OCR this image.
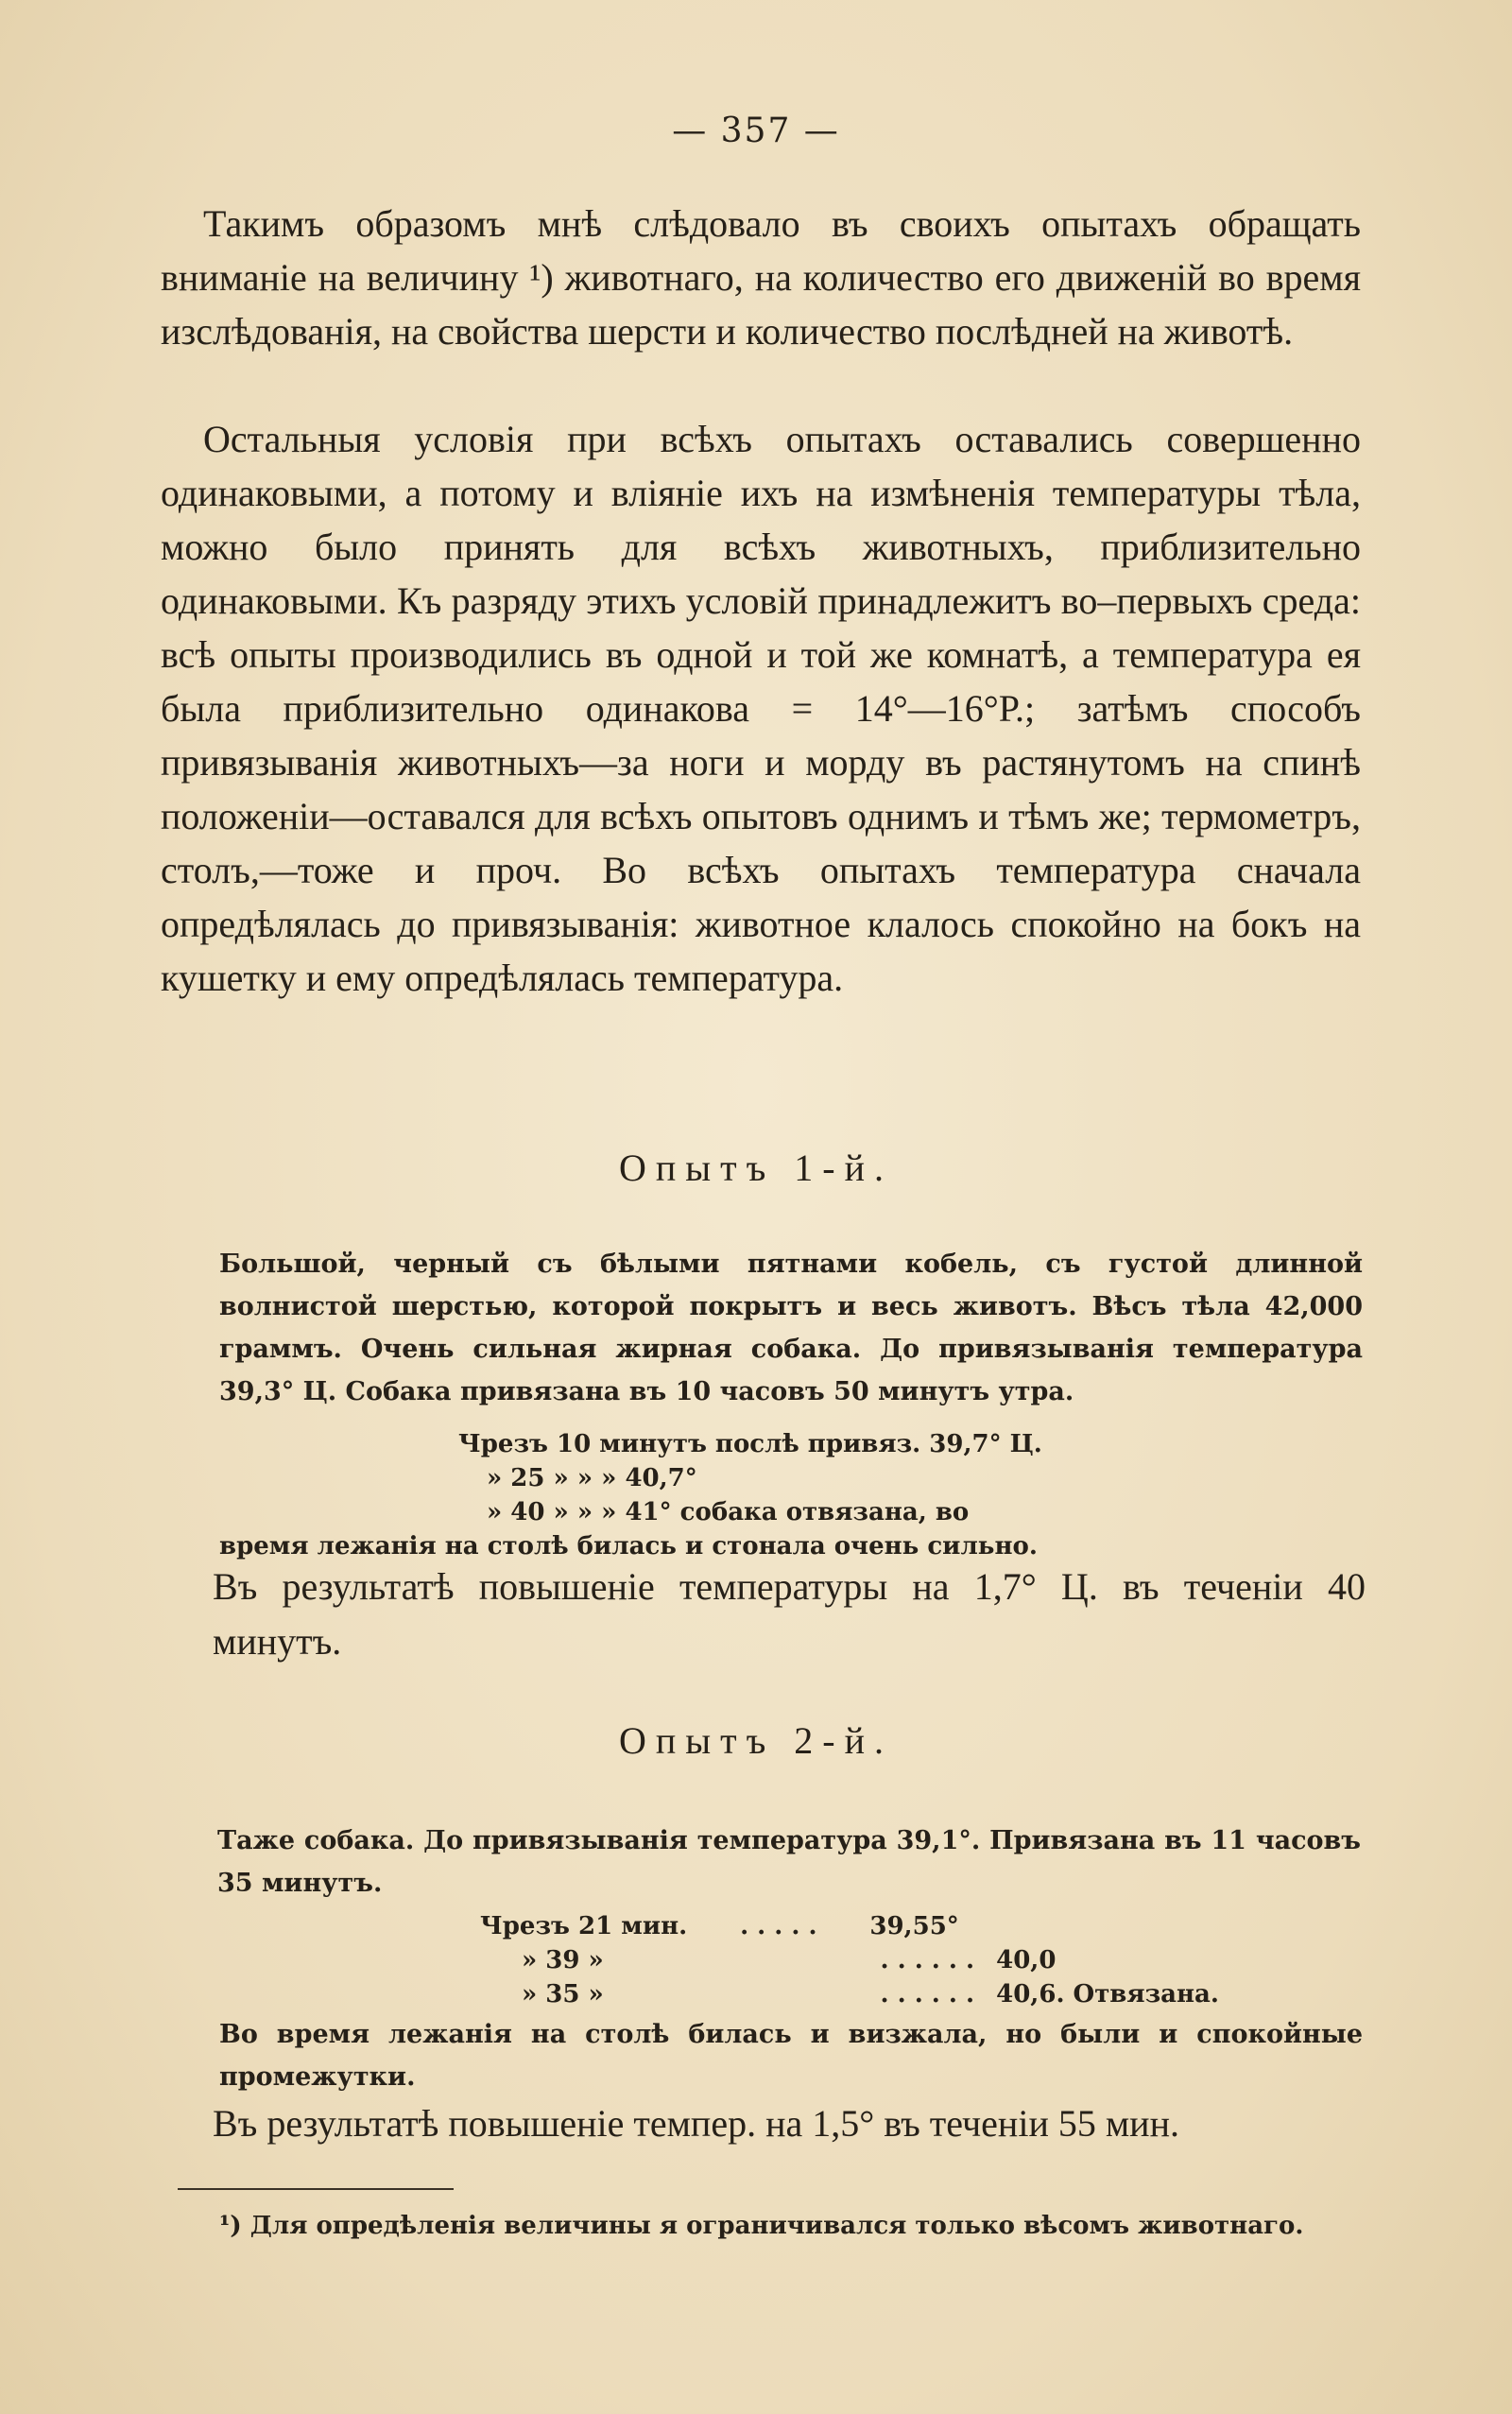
— 357 —

Такимъ образомъ мнѣ слѣдовало въ своихъ опытахъ обращать вниманіе на величину ¹) животнаго, на количество его движеній во время изслѣдованія, на свойства шерсти и количество послѣдней на животѣ.

Остальныя условія при всѣхъ опытахъ оставались совершенно одинаковыми, а потому и вліяніе ихъ на измѣненія температуры тѣла, можно было принять для всѣхъ животныхъ, приблизительно одинаковыми. Къ разряду этихъ условій принадлежитъ во–первыхъ среда: всѣ опыты производились въ одной и той же комнатѣ, а температура ея была приблизительно одинакова = 14°—16°Р.; затѣмъ способъ привязыванія животныхъ—за ноги и морду въ растянутомъ на спинѣ положеніи—оставался для всѣхъ опытовъ однимъ и тѣмъ же; термометръ, столъ,—тоже и проч. Во всѣхъ опытахъ температура сначала опредѣлялась до привязыванія: животное клалось спокойно на бокъ на кушетку и ему опредѣлялась температура.

Опытъ 1-й.

Большой, черный съ бѣлыми пятнами кобель, съ густой длинной волнистой шерстью, которой покрытъ и весь животъ. Вѣсъ тѣла 42,000 граммъ. Очень сильная жирная собака. До привязыванія температура 39,3° Ц. Собака привязана въ 10 часовъ 50 минутъ утра.

Чрезъ 10 минутъ послѣ привяз. 39,7° Ц.
» 25 » » » 40,7°
» 40 » » » 41° собака отвязана, во
время лежанія на столѣ билась и стонала очень сильно.

Въ результатѣ повышеніе температуры на 1,7° Ц. въ теченіи 40 минутъ.

Опытъ 2-й.

Таже собака. До привязыванія температура 39,1°. Привязана въ 11 часовъ 35 минутъ.

Чрезъ 21 мин. . . . . . 39,55°
» 39 »	. . . . . . 40,0
» 35 »	. . . . . . 40,6. Отвязана.

Во время лежанія на столѣ билась и визжала, но были и спокойные промежутки.

Въ результатѣ повышеніе темпер. на 1,5° въ теченіи 55 мин.

¹) Для опредѣленія величины я ограничивался только вѣсомъ животнаго.
